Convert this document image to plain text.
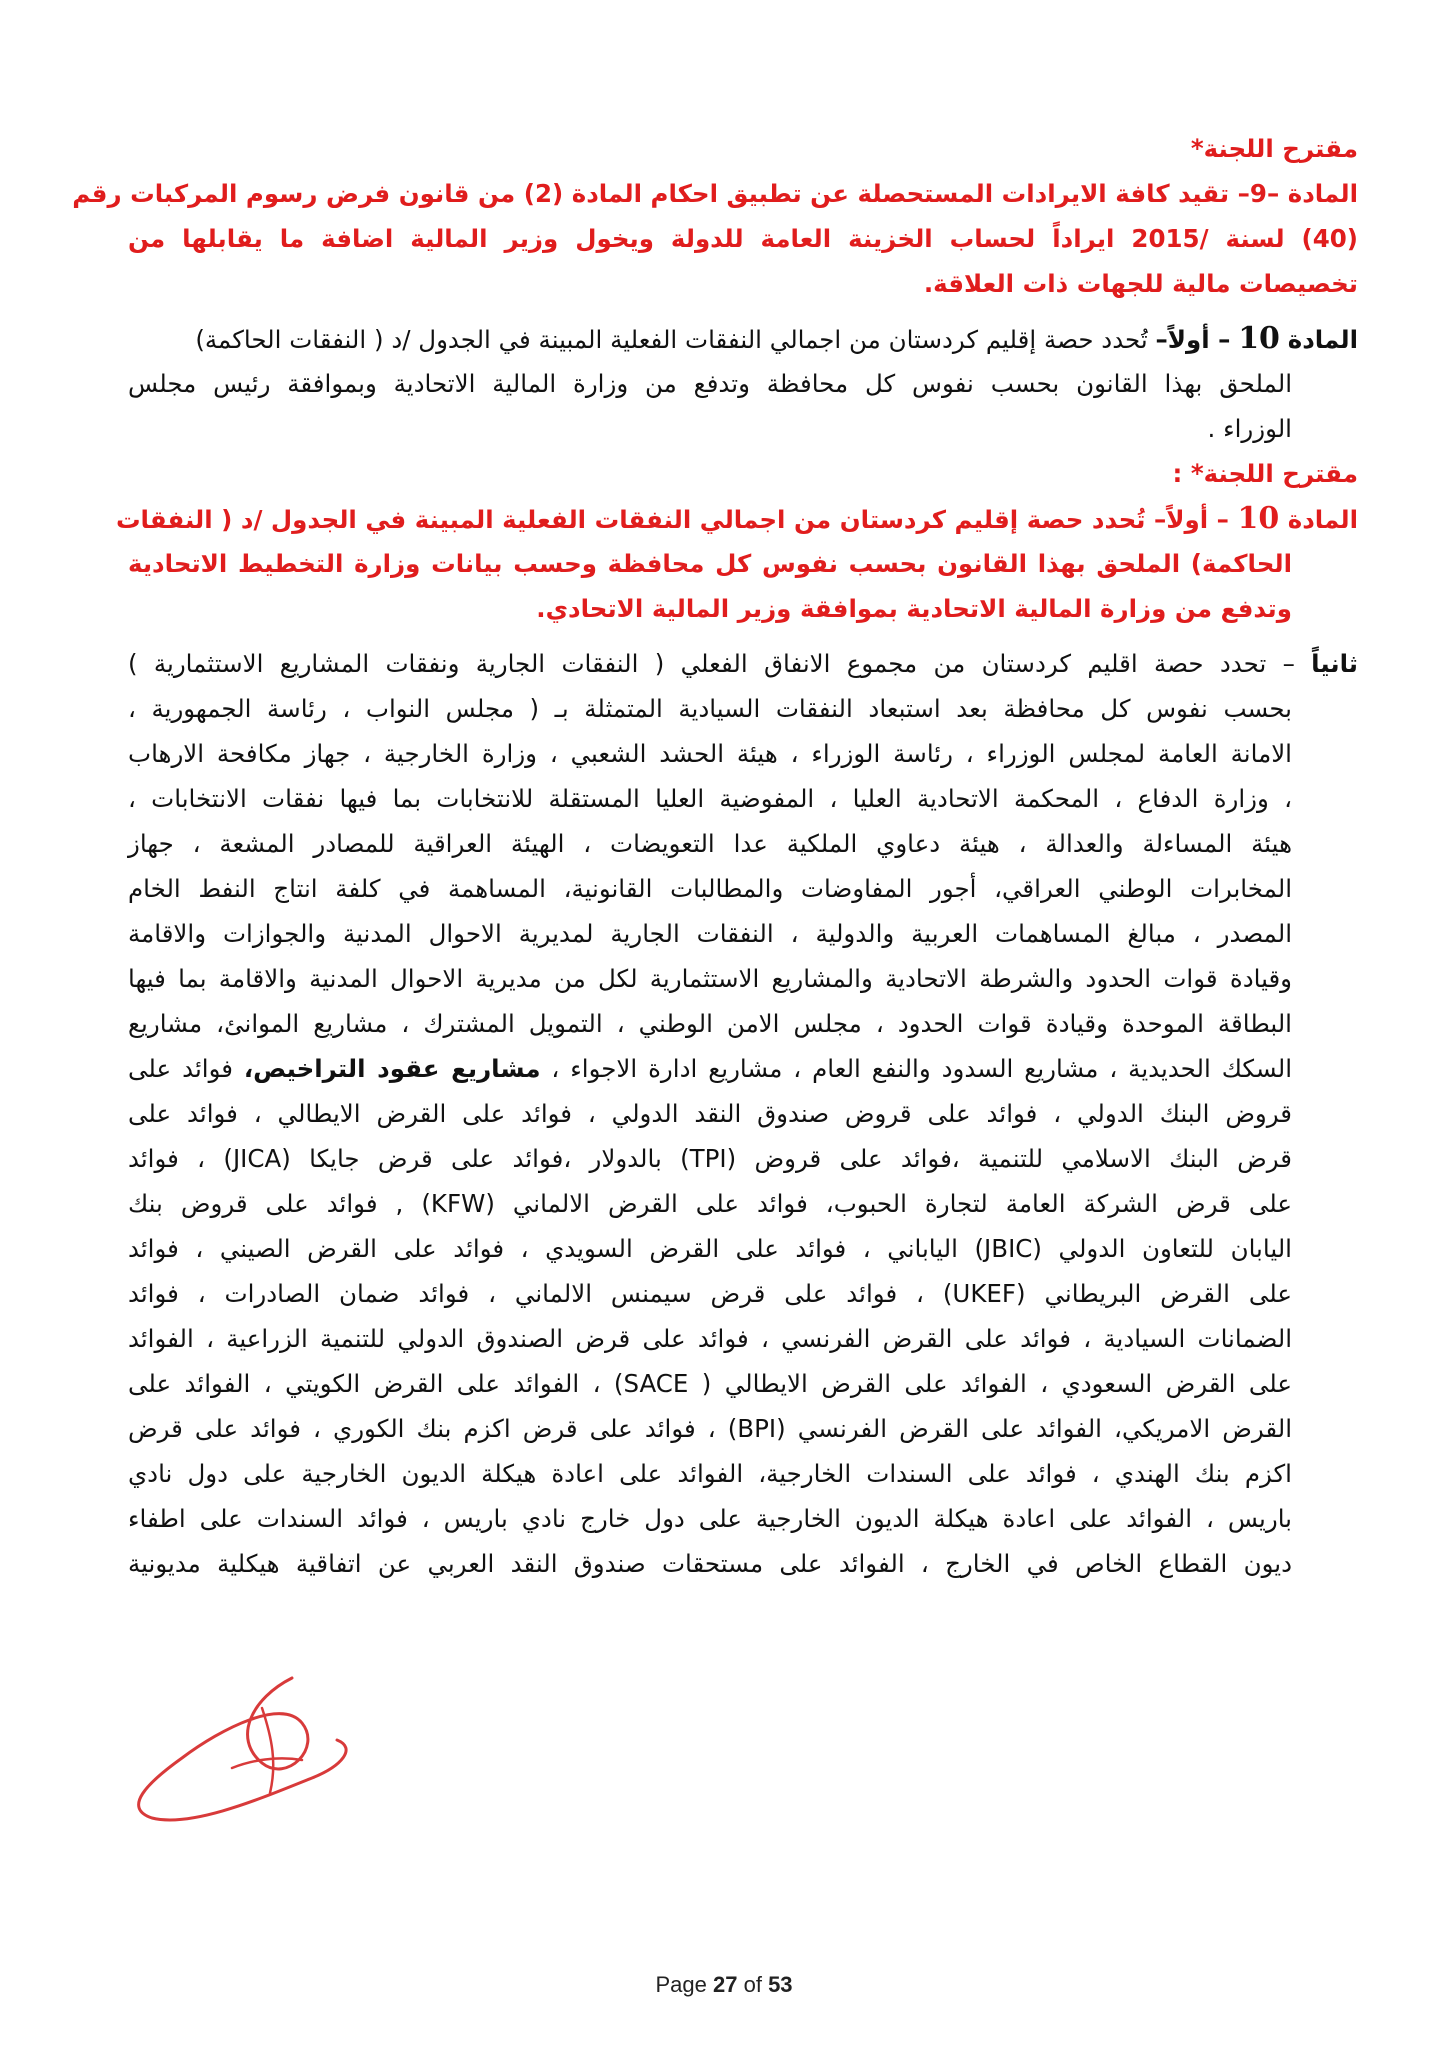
مقترح اللجنة*
المادة –9– تقيد كافة الايرادات المستحصلة عن تطبيق احكام المادة (2) من قانون فرض رسوم المركبات رقم
(40) لسنة /2015 ايراداً لحساب الخزينة العامة للدولة ويخول وزير المالية اضافة ما يقابلها من
تخصيصات مالية للجهات ذات العلاقة.
المادة 10 – أولاً– تُحدد حصة إقليم كردستان من اجمالي النفقات الفعلية المبينة في الجدول /د ( النفقات الحاكمة)
الملحق بهذا القانون بحسب نفوس كل محافظة وتدفع من وزارة المالية الاتحادية وبموافقة رئيس مجلس
الوزراء .
مقترح اللجنة* :
المادة 10 – أولاً– تُحدد حصة إقليم كردستان من اجمالي النفقات الفعلية المبينة في الجدول /د ( النفقات
الحاكمة) الملحق بهذا القانون بحسب نفوس كل محافظة وحسب بيانات وزارة التخطيط الاتحادية
وتدفع من وزارة المالية الاتحادية بموافقة وزير المالية الاتحادي.
ثانياً – تحدد حصة اقليم كردستان من مجموع الانفاق الفعلي ( النفقات الجارية ونفقات المشاريع الاستثمارية )
بحسب نفوس كل محافظة بعد استبعاد النفقات السيادية المتمثلة بـ ( مجلس النواب ، رئاسة الجمهورية ،
الامانة العامة لمجلس الوزراء ، رئاسة الوزراء ، هيئة الحشد الشعبي ، وزارة الخارجية ، جهاز مكافحة الارهاب
، وزارة الدفاع ، المحكمة الاتحادية العليا ، المفوضية العليا المستقلة للانتخابات بما فيها نفقات الانتخابات ،
هيئة المساءلة والعدالة ، هيئة دعاوي الملكية عدا التعويضات ، الهيئة العراقية للمصادر المشعة ، جهاز
المخابرات الوطني العراقي، أجور المفاوضات والمطالبات القانونية، المساهمة في كلفة انتاج النفط الخام
المصدر ، مبالغ المساهمات العربية والدولية ، النفقات الجارية لمديرية الاحوال المدنية والجوازات والاقامة
وقيادة قوات الحدود والشرطة الاتحادية والمشاريع الاستثمارية لكل من مديرية الاحوال المدنية والاقامة بما فيها
البطاقة الموحدة وقيادة قوات الحدود ، مجلس الامن الوطني ، التمويل المشترك ، مشاريع الموانئ، مشاريع
السكك الحديدية ، مشاريع السدود والنفع العام ، مشاريع ادارة الاجواء ، مشاريع عقود التراخيص، فوائد على
قروض البنك الدولي ، فوائد على قروض صندوق النقد الدولي ، فوائد على القرض الايطالي ، فوائد على
قرض البنك الاسلامي للتنمية ،فوائد على قروض (TPI) بالدولار ،فوائد على قرض جايكا (JICA) ، فوائد
على قرض الشركة العامة لتجارة الحبوب، فوائد على القرض الالماني (KFW) , فوائد على قروض بنك
اليابان للتعاون الدولي (JBIC) الياباني ، فوائد على القرض السويدي ، فوائد على القرض الصيني ، فوائد
على القرض البريطاني (UKEF) ، فوائد على قرض سيمنس الالماني ، فوائد ضمان الصادرات ، فوائد
الضمانات السيادية ، فوائد على القرض الفرنسي ، فوائد على قرض الصندوق الدولي للتنمية الزراعية ، الفوائد
على القرض السعودي ، الفوائد على القرض الايطالي ( SACE) ، الفوائد على القرض الكويتي ، الفوائد على
القرض الامريكي، الفوائد على القرض الفرنسي (BPI) ، فوائد على قرض اكزم بنك الكوري ، فوائد على قرض
اكزم بنك الهندي ، فوائد على السندات الخارجية، الفوائد على اعادة هيكلة الديون الخارجية على دول نادي
باريس ، الفوائد على اعادة هيكلة الديون الخارجية على دول خارج نادي باريس ، فوائد السندات على اطفاء
ديون القطاع الخاص في الخارج ، الفوائد على مستحقات صندوق النقد العربي عن اتفاقية هيكلية مديونية
Page 27 of 53
